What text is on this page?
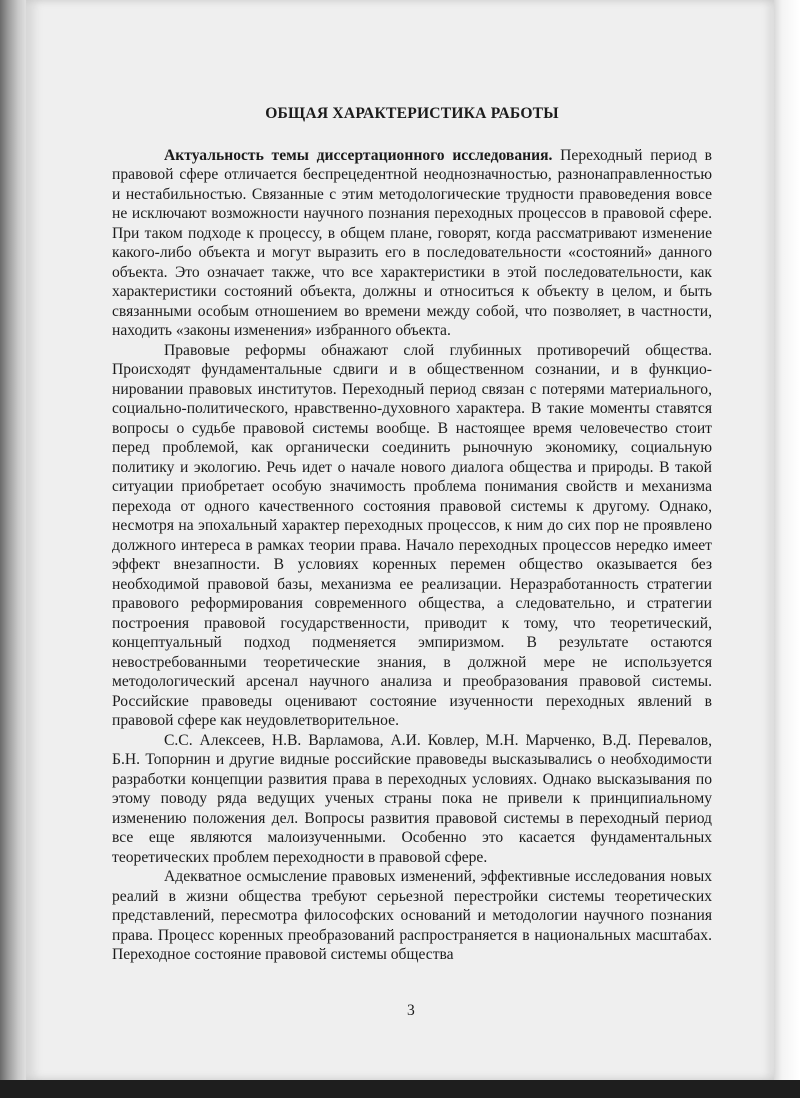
ОБЩАЯ ХАРАКТЕРИСТИКА РАБОТЫ

Актуальность темы диссертационного исследования. Переходный период в правовой сфере отличается беспрецедентной неоднозначностью, разнонаправленностью и нестабильностью. Связанные с этим методологические трудности правоведения вовсе не исключают возможности научного познания переходных процессов в правовой сфере. При таком подходе к процессу, в общем плане, говорят, когда рассматривают изменение какого-либо объекта и могут выразить его в последовательности «состояний» данного объекта. Это означает также, что все характеристики в этой последовательности, как характеристики состояний объекта, должны и относиться к объекту в целом, и быть связанными особым отношением во времени между собой, что позволяет, в частности, находить «законы изменения» избранного объекта.

Правовые реформы обнажают слой глубинных противоречий общества. Происходят фундаментальные сдвиги и в общественном сознании, и в функционировании правовых институтов. Переходный период связан с потерями материального, социально-политического, нравственно-духовного характера. В такие моменты ставятся вопросы о судьбе правовой системы вообще. В настоящее время человечество стоит перед проблемой, как органически соединить рыночную экономику, социальную политику и экологию. Речь идет о начале нового диалога общества и природы. В такой ситуации приобретает особую значимость проблема понимания свойств и механизма перехода от одного качественного состояния правовой системы к другому. Однако, несмотря на эпохальный характер переходных процессов, к ним до сих пор не проявлено должного интереса в рамках теории права. Начало переходных процессов нередко имеет эффект внезапности. В условиях коренных перемен общество оказывается без необходимой правовой базы, механизма ее реализации. Неразработанность стратегии правового реформирования современного общества, а следовательно, и стратегии построения правовой государственности, приводит к тому, что теоретический, концептуальный подход подменяется эмпиризмом. В результате остаются невостребованными теоретические знания, в должной мере не используется методологический арсенал научного анализа и преобразования правовой системы. Российские правоведы оценивают состояние изученности переходных явлений в правовой сфере как неудовлетворительное.

С.С. Алексеев, Н.В. Варламова, А.И. Ковлер, М.Н. Марченко, В.Д. Перевалов, Б.Н. Топорнин и другие видные российские правоведы высказывались о необходимости разработки концепции развития права в переходных условиях. Однако высказывания по этому поводу ряда ведущих ученых страны пока не привели к принципиальному изменению положения дел. Вопросы развития правовой системы в переходный период все еще являются малоизученными. Особенно это касается фундаментальных теоретических проблем переходности в правовой сфере.

Адекватное осмысление правовых изменений, эффективные исследования новых реалий в жизни общества требуют серьезной перестройки системы теоретических представлений, пересмотра философских оснований и методологии научного познания права. Процесс коренных преобразований распространяется в национальных масштабах. Переходное состояние правовой системы общества

3
